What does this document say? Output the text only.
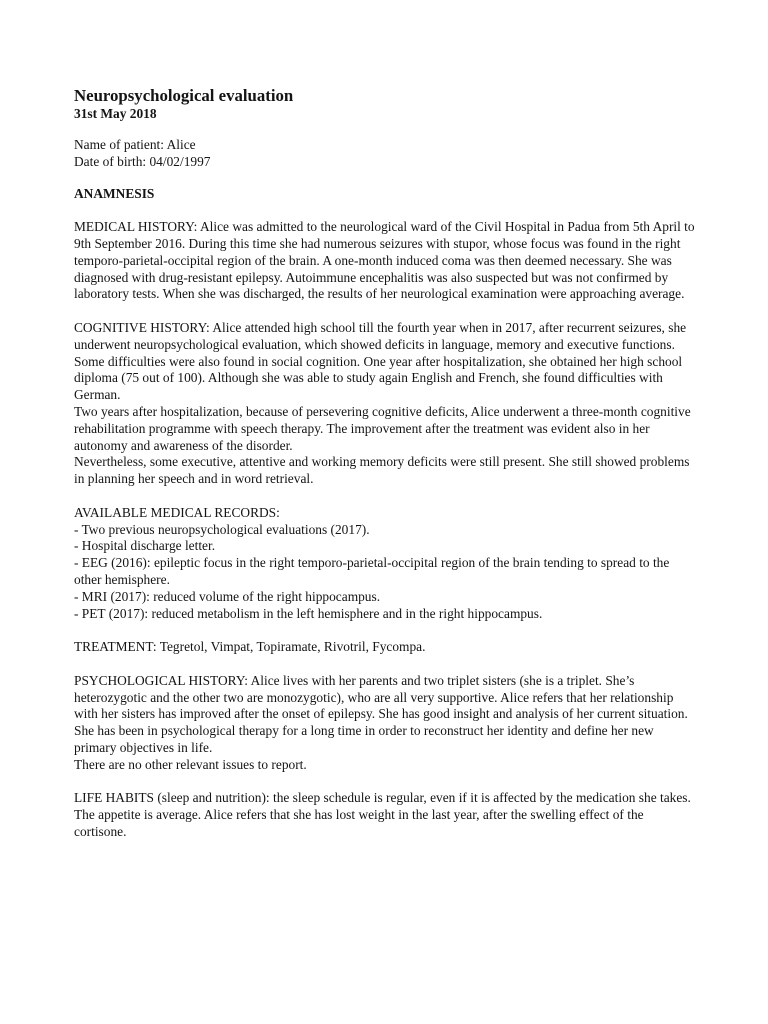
Neuropsychological evaluation

31st May 2018

Name of patient: Alice

Date of birth: 04/02/1997

ANAMNESIS

MEDICAL HISTORY: Alice was admitted to the neurological ward of the Civil Hospital in Padua from 5th April to 9th September 2016. During this time she had numerous seizures with stupor, whose focus was found in the right temporo-parietal-occipital region of the brain. A one-month induced coma was then deemed necessary. She was diagnosed with drug-resistant epilepsy. Autoimmune encephalitis was also suspected but was not confirmed by laboratory tests. When she was discharged, the results of her neurological examination were approaching average.

COGNITIVE HISTORY: Alice attended high school till the fourth year when in 2017, after recurrent seizures, she underwent neuropsychological evaluation, which showed deficits in language, memory and executive functions. Some difficulties were also found in social cognition. One year after hospitalization, she obtained her high school diploma (75 out of 100). Although she was able to study again English and French, she found difficulties with German.

Two years after hospitalization, because of persevering cognitive deficits, Alice underwent a three-month cognitive rehabilitation programme with speech therapy. The improvement after the treatment was evident also in her autonomy and awareness of the disorder.

Nevertheless, some executive, attentive and working memory deficits were still present. She still showed problems in planning her speech and in word retrieval.

AVAILABLE MEDICAL RECORDS:

- Two previous neuropsychological evaluations (2017).
- Hospital discharge letter.
- EEG (2016): epileptic focus in the right temporo-parietal-occipital region of the brain tending to spread to the other hemisphere.
- MRI (2017): reduced volume of the right hippocampus.
- PET (2017): reduced metabolism in the left hemisphere and in the right hippocampus.

TREATMENT: Tegretol, Vimpat, Topiramate, Rivotril, Fycompa.

PSYCHOLOGICAL HISTORY: Alice lives with her parents and two triplet sisters (she is a triplet. She’s heterozygotic and the other two are monozygotic), who are all very supportive. Alice refers that her relationship with her sisters has improved after the onset of epilepsy. She has good insight and analysis of her current situation. She has been in psychological therapy for a long time in order to reconstruct her identity and define her new primary objectives in life.

There are no other relevant issues to report.

LIFE HABITS (sleep and nutrition): the sleep schedule is regular, even if it is affected by the medication she takes. The appetite is average. Alice refers that she has lost weight in the last year, after the swelling effect of the cortisone.
